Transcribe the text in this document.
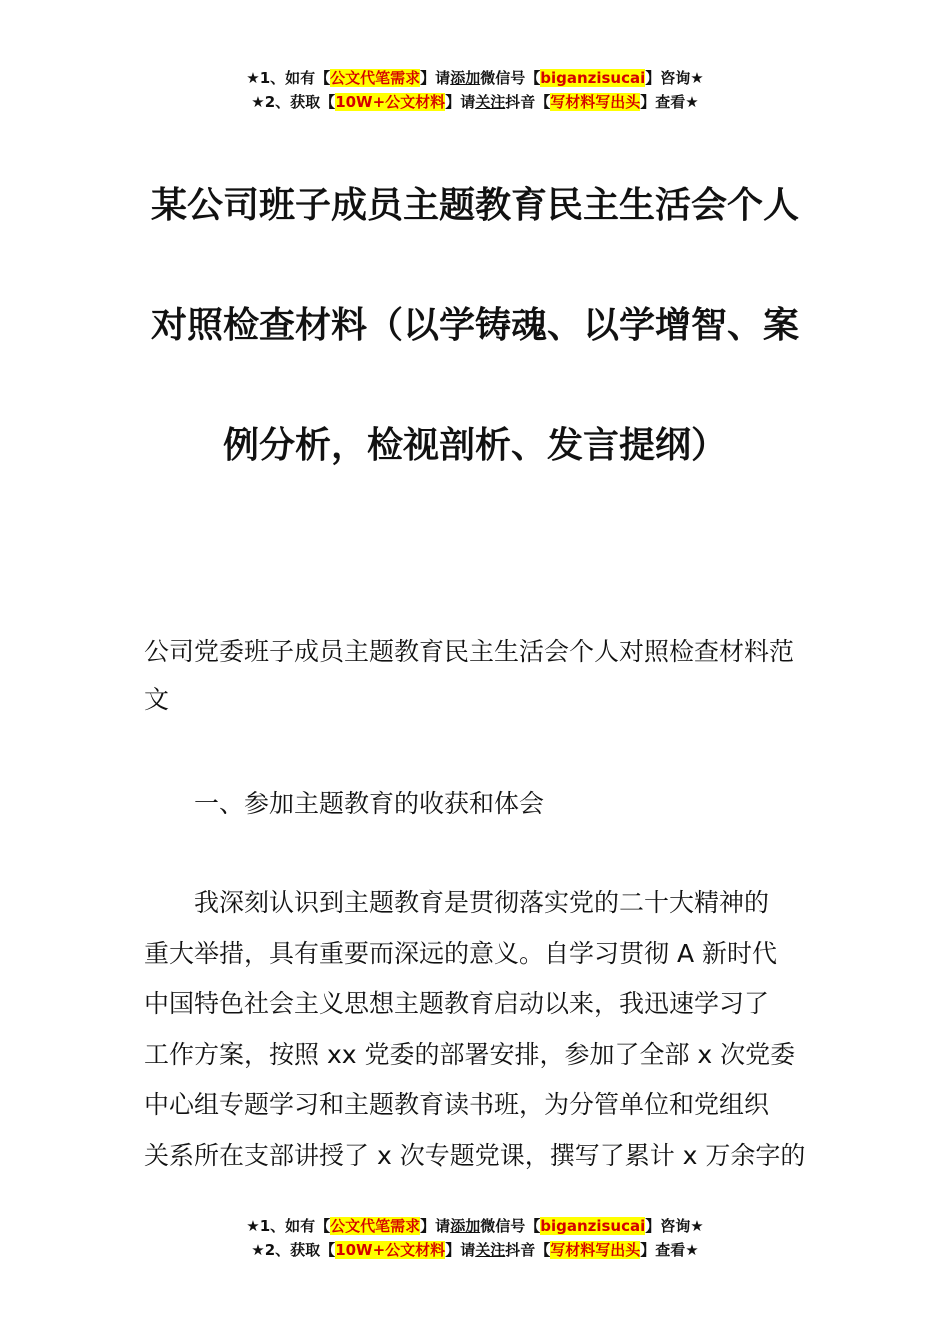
★1、如有【公文代笔需求】请添加微信号【biganzisucai】咨询★
★2、获取【10W+公文材料】请关注抖音【写材料写出头】查看★
某公司班子成员主题教育民主生活会个人
对照检查材料（以学铸魂、以学增智、案
例分析，检视剖析、发言提纲）

公司党委班子成员主题教育民主生活会个人对照检查材料范文

一、参加主题教育的收获和体会

我深刻认识到主题教育是贯彻落实党的二十大精神的
重大举措，具有重要而深远的意义。自学习贯彻 A 新时代
中国特色社会主义思想主题教育启动以来，我迅速学习了
工作方案，按照 xx 党委的部署安排，参加了全部 x 次党委
中心组专题学习和主题教育读书班，为分管单位和党组织
关系所在支部讲授了 x 次专题党课，撰写了累计 x 万余字的

★1、如有【公文代笔需求】请添加微信号【biganzisucai】咨询★
★2、获取【10W+公文材料】请关注抖音【写材料写出头】查看★
